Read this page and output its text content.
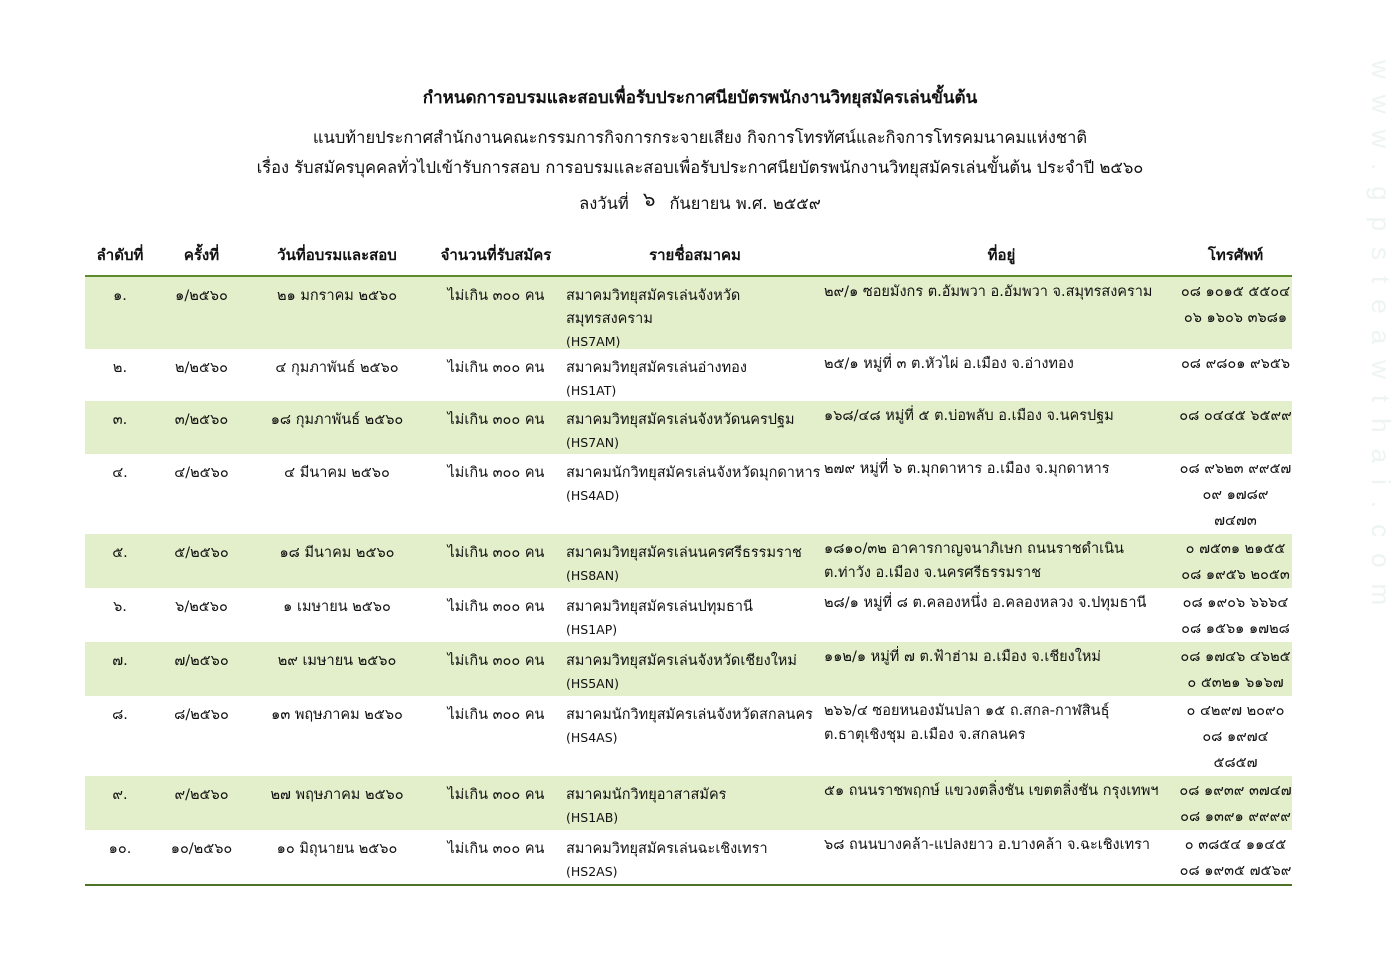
กำหนดการอบรมและสอบเพื่อรับประกาศนียบัตรพนักงานวิทยุสมัครเล่นขั้นต้น
แนบท้ายประกาศสำนักงานคณะกรรมการกิจการกระจายเสียง กิจการโทรทัศน์และกิจการโทรคมนาคมแห่งชาติ
เรื่อง รับสมัครบุคคลทั่วไปเข้ารับการสอบ การอบรมและสอบเพื่อรับประกาศนียบัตรพนักงานวิทยุสมัครเล่นขั้นต้น ประจำปี ๒๕๖๐
ลงวันที่ ๖ กันยายน พ.ศ. ๒๕๕๙
ลำดับที่	ครั้งที่	วันที่อบรมและสอบ	จำนวนที่รับสมัคร	รายชื่อสมาคม	ที่อยู่	โทรศัพท์
๑.	๑/๒๕๖๐	๒๑ มกราคม ๒๕๖๐	ไม่เกิน ๓๐๐ คน	สมาคมวิทยุสมัครเล่นจังหวัดสมุทรสงคราม
(HS7AM)	๒๙/๑ ซอยมังกร ต.อัมพวา อ.อัมพวา จ.สมุทรสงคราม	๐๘ ๑๐๑๕ ๕๕๐๔
๐๖ ๑๖๐๖ ๓๖๘๑

๒.	๒/๒๕๖๐	๔ กุมภาพันธ์ ๒๕๖๐	ไม่เกิน ๓๐๐ คน	สมาคมวิทยุสมัครเล่นอ่างทอง
(HS1AT)	๒๕/๑ หมู่ที่ ๓ ต.หัวไผ่ อ.เมือง จ.อ่างทอง	๐๘ ๙๘๐๑ ๙๖๕๖

๓.	๓/๒๕๖๐	๑๘ กุมภาพันธ์ ๒๕๖๐	ไม่เกิน ๓๐๐ คน	สมาคมวิทยุสมัครเล่นจังหวัดนครปฐม
(HS7AN)	๑๖๘/๔๘ หมู่ที่ ๕ ต.บ่อพลับ อ.เมือง จ.นครปฐม	๐๘ ๐๔๔๕ ๖๕๙๙

๔.	๔/๒๕๖๐	๔ มีนาคม ๒๕๖๐	ไม่เกิน ๓๐๐ คน	สมาคมนักวิทยุสมัครเล่นจังหวัดมุกดาหาร
(HS4AD)	๒๗๙ หมู่ที่ ๖ ต.มุกดาหาร อ.เมือง จ.มุกดาหาร	๐๘ ๙๖๒๓ ๙๙๕๗
๐๙ ๑๗๘๙ ๗๔๗๓

๕.	๕/๒๕๖๐	๑๘ มีนาคม ๒๕๖๐	ไม่เกิน ๓๐๐ คน	สมาคมวิทยุสมัครเล่นนครศรีธรรมราช
(HS8AN)	๑๘๑๐/๓๒ อาคารกาญจนาภิเษก ถนนราชดำเนิน
ต.ท่าวัง อ.เมือง จ.นครศรีธรรมราช	๐ ๗๕๓๑ ๒๑๕๕
๐๘ ๑๙๕๖ ๒๐๕๓

๖.	๖/๒๕๖๐	๑ เมษายน ๒๕๖๐	ไม่เกิน ๓๐๐ คน	สมาคมวิทยุสมัครเล่นปทุมธานี
(HS1AP)	๒๘/๑ หมู่ที่ ๘ ต.คลองหนึ่ง อ.คลองหลวง จ.ปทุมธานี	๐๘ ๑๙๐๖ ๖๖๖๔
๐๘ ๑๕๖๑ ๑๗๒๘

๗.	๗/๒๕๖๐	๒๙ เมษายน ๒๕๖๐	ไม่เกิน ๓๐๐ คน	สมาคมวิทยุสมัครเล่นจังหวัดเชียงใหม่
(HS5AN)	๑๑๒/๑ หมู่ที่ ๗ ต.ฟ้าฮ่าม อ.เมือง จ.เชียงใหม่	๐๘ ๑๗๔๖ ๔๖๒๕
๐ ๕๓๒๑ ๖๑๖๗

๘.	๘/๒๕๖๐	๑๓ พฤษภาคม ๒๕๖๐	ไม่เกิน ๓๐๐ คน	สมาคมนักวิทยุสมัครเล่นจังหวัดสกลนคร
(HS4AS)	๒๖๖/๔ ซอยหนองมันปลา ๑๕ ถ.สกล-กาฬสินธุ์
ต.ธาตุเชิงชุม อ.เมือง จ.สกลนคร	๐ ๔๒๙๗ ๒๐๙๐
๐๘ ๑๙๗๔ ๕๘๕๗

๙.	๙/๒๕๖๐	๒๗ พฤษภาคม ๒๕๖๐	ไม่เกิน ๓๐๐ คน	สมาคมนักวิทยุอาสาสมัคร
(HS1AB)	๕๑ ถนนราชพฤกษ์ แขวงตลิ่งชัน เขตตลิ่งชัน กรุงเทพฯ	๐๘ ๑๙๓๙ ๓๗๔๗
๐๘ ๑๓๙๑ ๙๙๙๙

๑๐.	๑๐/๒๕๖๐	๑๐ มิถุนายน ๒๕๖๐	ไม่เกิน ๓๐๐ คน	สมาคมวิทยุสมัครเล่นฉะเชิงเทรา
(HS2AS)	๖๘ ถนนบางคล้า-แปลงยาว อ.บางคล้า จ.ฉะเชิงเทรา	๐ ๓๘๕๔ ๑๑๔๕
๐๘ ๑๙๓๕ ๗๕๖๙
www.gpsteawthai.com
